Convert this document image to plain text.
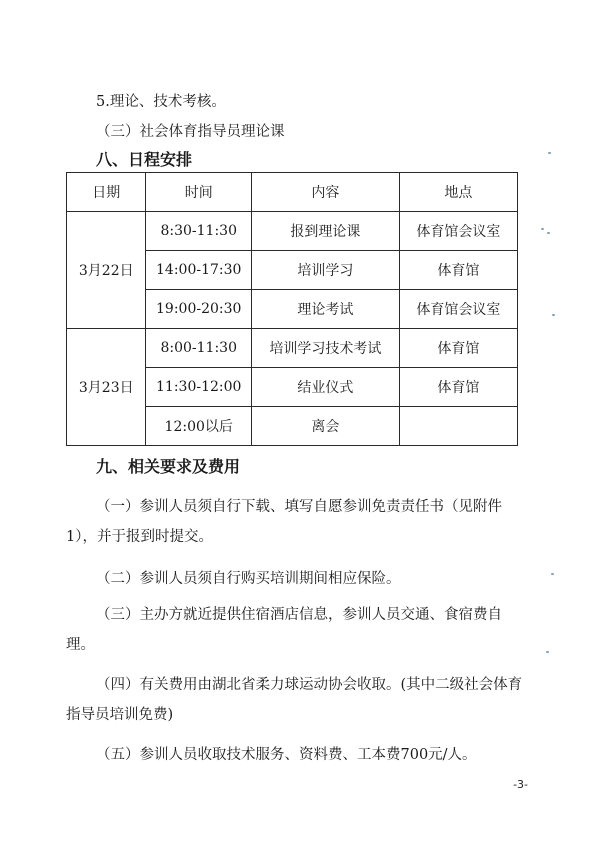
5.理论、技术考核。
（三）社会体育指导员理论课
八、日程安排
日期	时间	内容	地点
3月22日	8:30-11:30	报到理论课	体育馆会议室
	14:00-17:30	培训学习	体育馆
	19:00-20:30	理论考试	体育馆会议室
3月23日	8:00-11:30	培训学习技术考试	体育馆
	11:30-12:00	结业仪式	体育馆
	12:00以后	离会	
九、相关要求及费用
（一）参训人员须自行下载、填写自愿参训免责责任书（见附件1），并于报到时提交。
（二）参训人员须自行购买培训期间相应保险。
（三）主办方就近提供住宿酒店信息，参训人员交通、食宿费自理。
（四）有关费用由湖北省柔力球运动协会收取。(其中二级社会体育指导员培训免费)
（五）参训人员收取技术服务、资料费、工本费700元/人。
-3-
